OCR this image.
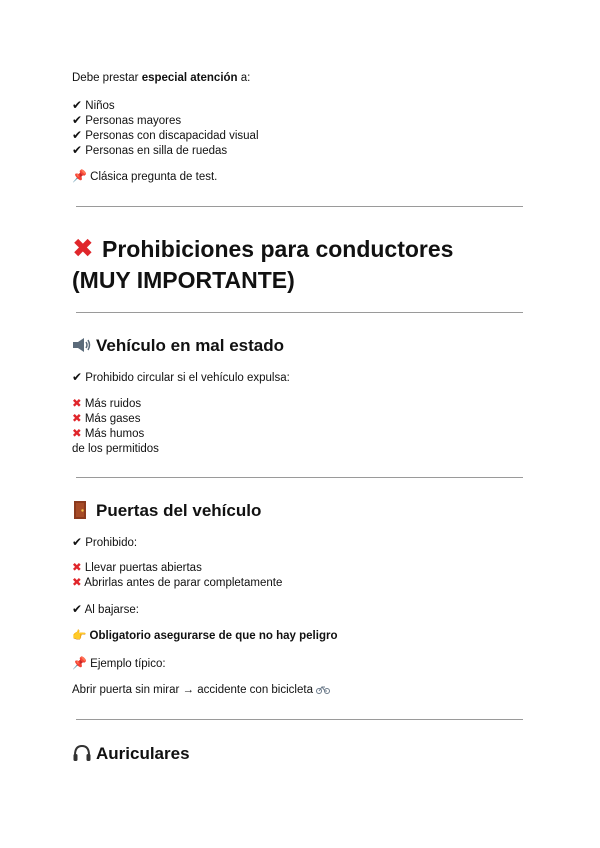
Debe prestar especial atención a:
✔ Niños
✔ Personas mayores
✔ Personas con discapacidad visual
✔ Personas en silla de ruedas
📌 Clásica pregunta de test.
✖ Prohibiciones para conductores
(MUY IMPORTANTE)
Vehículo en mal estado
✔ Prohibido circular si el vehículo expulsa:
✖ Más ruidos
✖ Más gases
✖ Más humos
de los permitidos
Puertas del vehículo
✔ Prohibido:
✖ Llevar puertas abiertas
✖ Abrirlas antes de parar completamente
✔ Al bajarse:
👉 Obligatorio asegurarse de que no hay peligro
📌 Ejemplo típico:
Abrir puerta sin mirar → accidente con bicicleta
Auriculares
